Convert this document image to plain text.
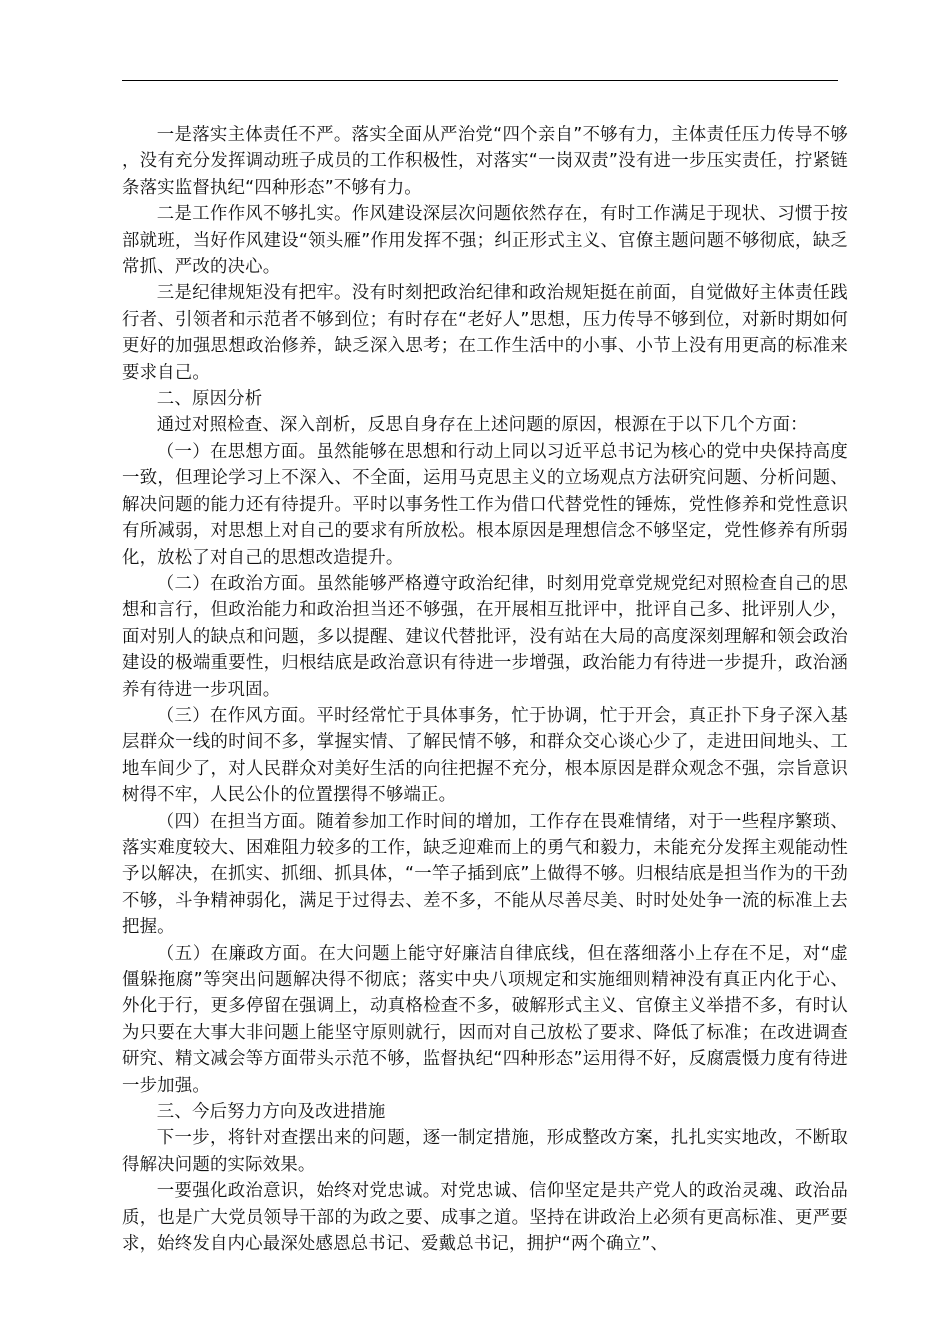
一是落实主体责任不严。落实全面从严治党“四个亲自”不够有力，主体责任压力传导不够，没有充分发挥调动班子成员的工作积极性，对落实“一岗双责”没有进一步压实责任，拧紧链条落实监督执纪“四种形态”不够有力。

二是工作作风不够扎实。作风建设深层次问题依然存在，有时工作满足于现状、习惯于按部就班，当好作风建设“领头雁”作用发挥不强；纠正形式主义、官僚主题问题不够彻底，缺乏常抓、严改的决心。

三是纪律规矩没有把牢。没有时刻把政治纪律和政治规矩挺在前面，自觉做好主体责任践行者、引领者和示范者不够到位；有时存在“老好人”思想，压力传导不够到位，对新时期如何更好的加强思想政治修养，缺乏深入思考；在工作生活中的小事、小节上没有用更高的标准来要求自己。

二、原因分析

通过对照检查、深入剖析，反思自身存在上述问题的原因，根源在于以下几个方面：

（一）在思想方面。虽然能够在思想和行动上同以习近平总书记为核心的党中央保持高度一致，但理论学习上不深入、不全面，运用马克思主义的立场观点方法研究问题、分析问题、解决问题的能力还有待提升。平时以事务性工作为借口代替党性的锤炼，党性修养和党性意识有所减弱，对思想上对自己的要求有所放松。根本原因是理想信念不够坚定，党性修养有所弱化，放松了对自己的思想改造提升。

（二）在政治方面。虽然能够严格遵守政治纪律，时刻用党章党规党纪对照检查自己的思想和言行，但政治能力和政治担当还不够强，在开展相互批评中，批评自己多、批评别人少，面对别人的缺点和问题，多以提醒、建议代替批评，没有站在大局的高度深刻理解和领会政治建设的极端重要性，归根结底是政治意识有待进一步增强，政治能力有待进一步提升，政治涵养有待进一步巩固。

（三）在作风方面。平时经常忙于具体事务，忙于协调，忙于开会，真正扑下身子深入基层群众一线的时间不多，掌握实情、了解民情不够，和群众交心谈心少了，走进田间地头、工地车间少了，对人民群众对美好生活的向往把握不充分，根本原因是群众观念不强，宗旨意识树得不牢，人民公仆的位置摆得不够端正。

（四）在担当方面。随着参加工作时间的增加，工作存在畏难情绪，对于一些程序繁琐、落实难度较大、困难阻力较多的工作，缺乏迎难而上的勇气和毅力，未能充分发挥主观能动性予以解决，在抓实、抓细、抓具体，“一竿子插到底”上做得不够。归根结底是担当作为的干劲不够，斗争精神弱化，满足于过得去、差不多，不能从尽善尽美、时时处处争一流的标准上去把握。

（五）在廉政方面。在大问题上能守好廉洁自律底线，但在落细落小上存在不足，对“虚僵躲拖腐”等突出问题解决得不彻底；落实中央八项规定和实施细则精神没有真正内化于心、外化于行，更多停留在强调上，动真格检查不多，破解形式主义、官僚主义举措不多，有时认为只要在大事大非问题上能坚守原则就行，因而对自己放松了要求、降低了标准；在改进调查研究、精文减会等方面带头示范不够，监督执纪“四种形态”运用得不好，反腐震慑力度有待进一步加强。

三、今后努力方向及改进措施

下一步，将针对查摆出来的问题，逐一制定措施，形成整改方案，扎扎实实地改，不断取得解决问题的实际效果。

一要强化政治意识，始终对党忠诚。对党忠诚、信仰坚定是共产党人的政治灵魂、政治品质，也是广大党员领导干部的为政之要、成事之道。坚持在讲政治上必须有更高标准、更严要求，始终发自内心最深处感恩总书记、爱戴总书记，拥护“两个确立”、
